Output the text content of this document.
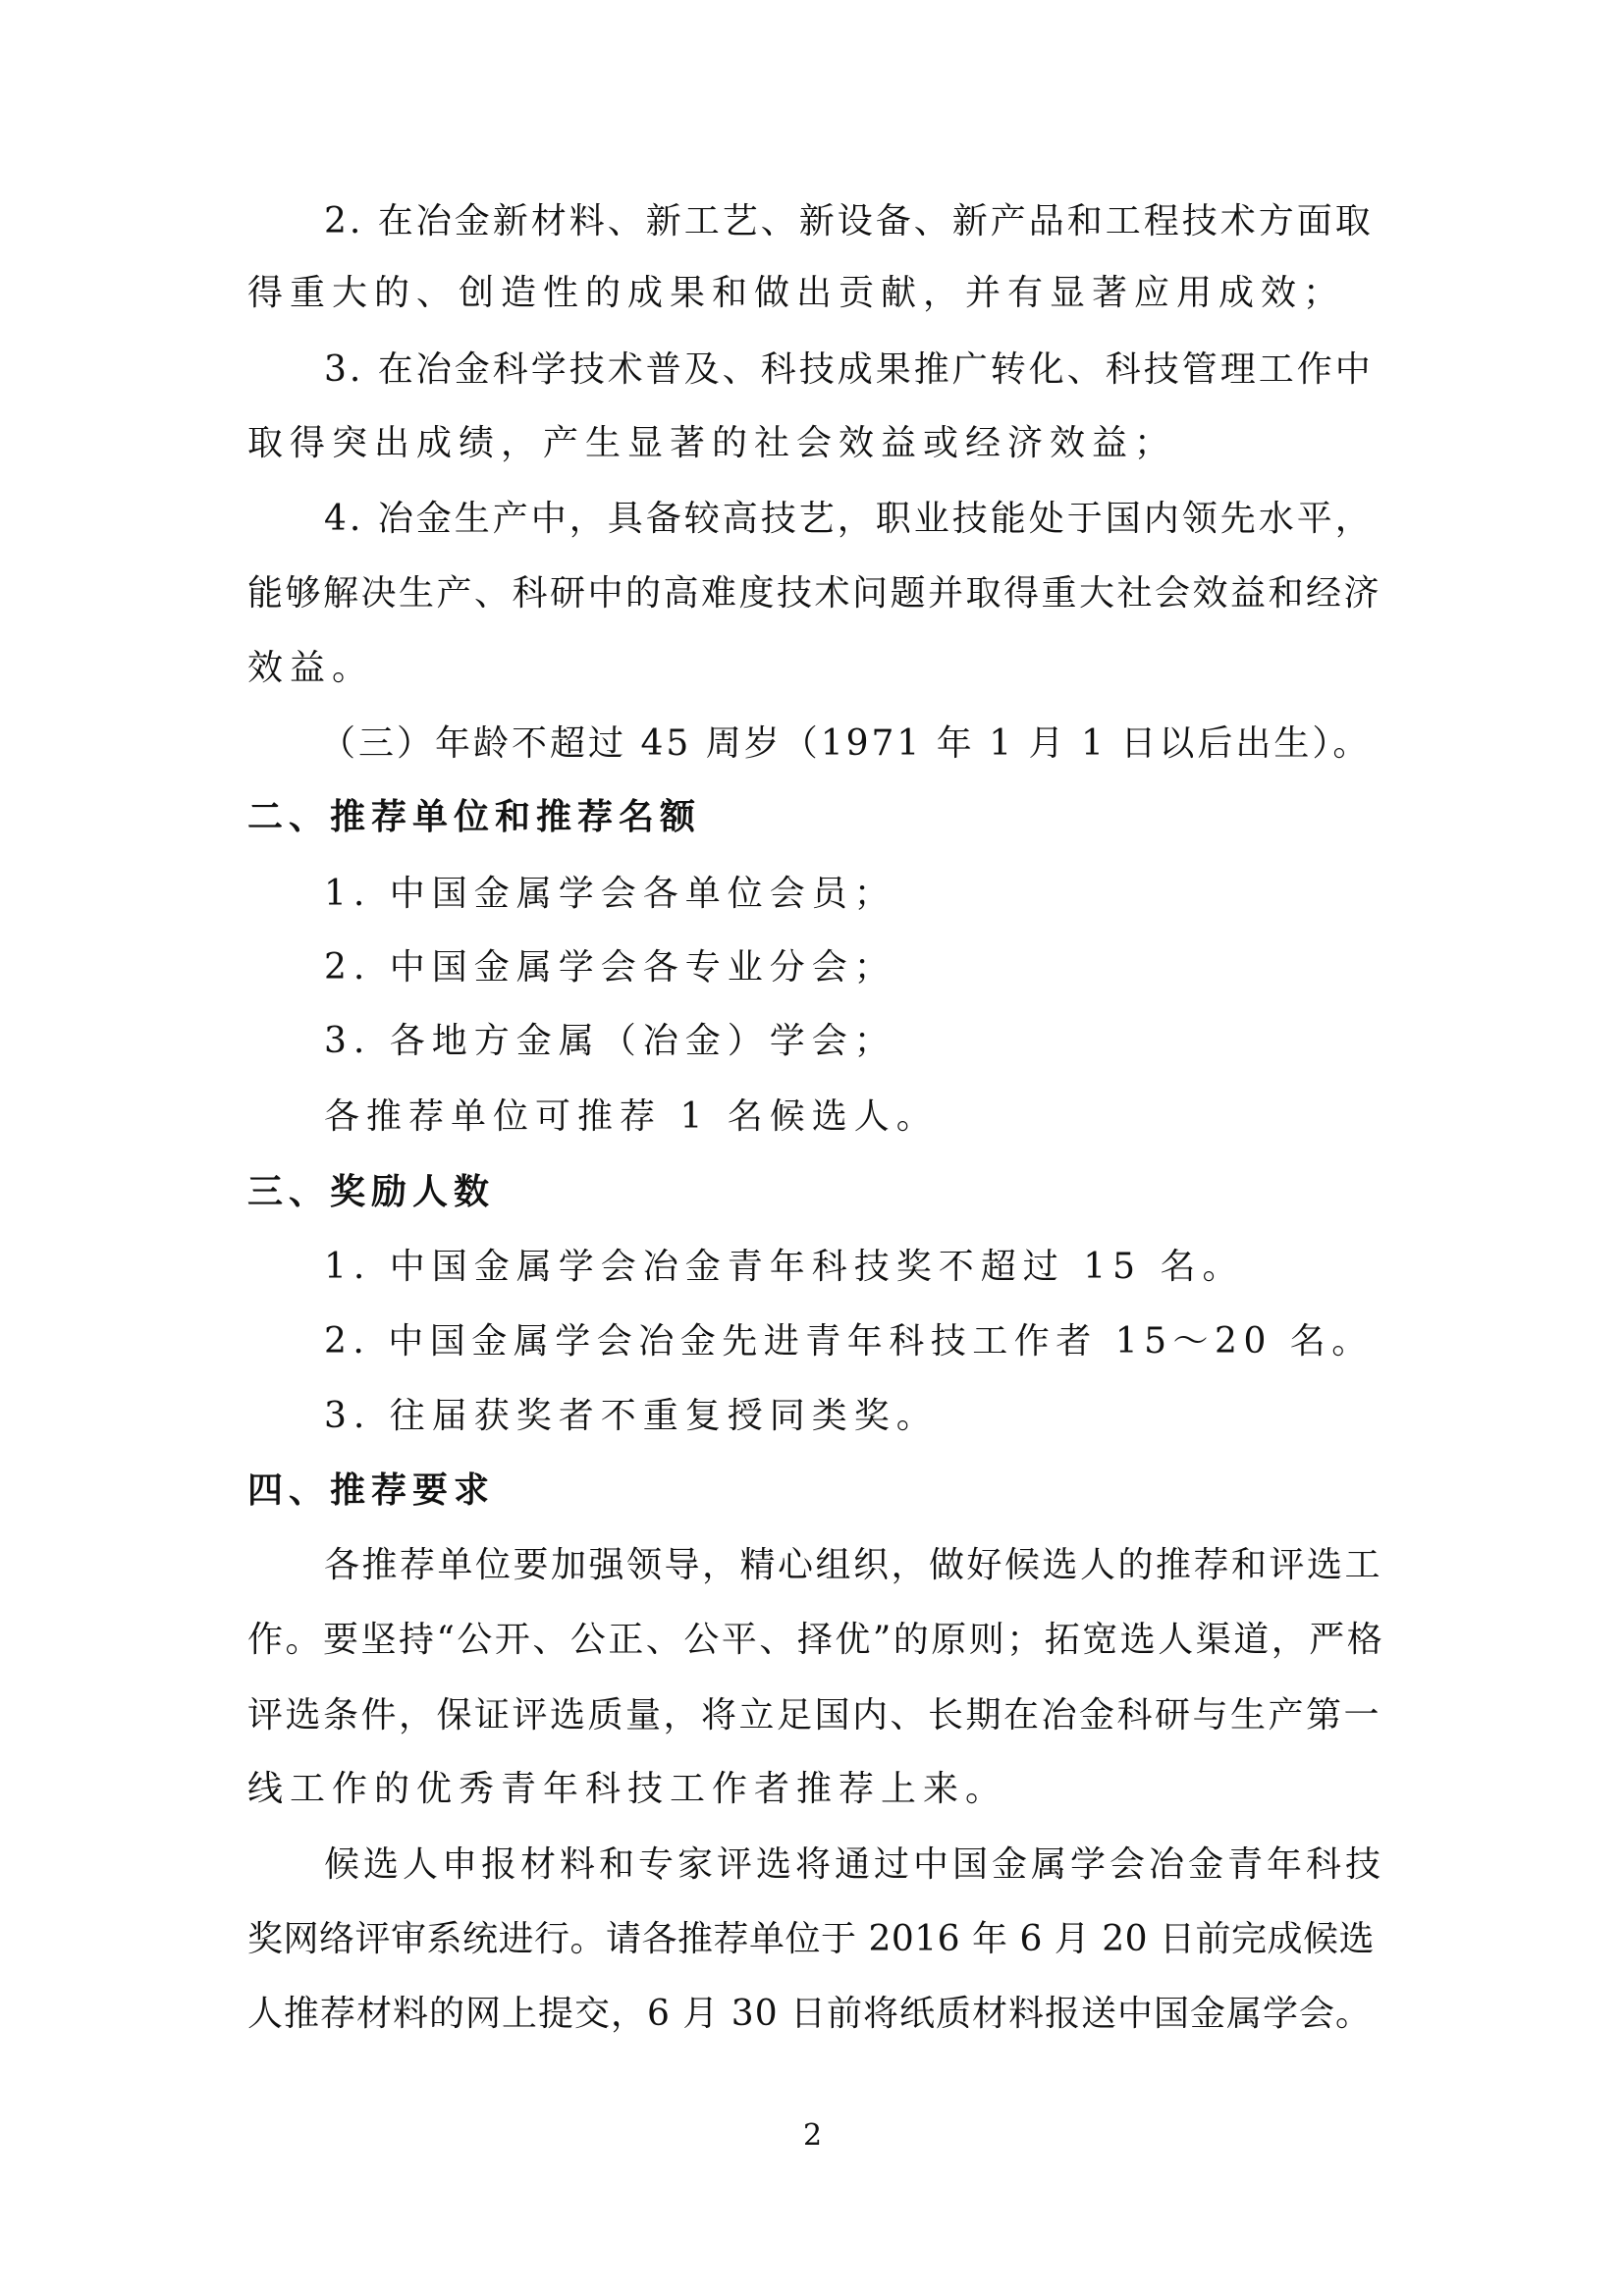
2. 在冶金新材料、新工艺、新设备、新产品和工程技术方面取
得重大的、创造性的成果和做出贡献，并有显著应用成效；
3. 在冶金科学技术普及、科技成果推广转化、科技管理工作中
取得突出成绩，产生显著的社会效益或经济效益；
4. 冶金生产中，具备较高技艺，职业技能处于国内领先水平，
能够解决生产、科研中的高难度技术问题并取得重大社会效益和经济
效益。
（三）年龄不超过 45 周岁（1971 年 1 月 1 日以后出生）。
二、推荐单位和推荐名额
1. 中国金属学会各单位会员；
2. 中国金属学会各专业分会；
3. 各地方金属（冶金）学会；
各推荐单位可推荐 1 名候选人。
三、奖励人数
1. 中国金属学会冶金青年科技奖不超过 15 名。
2. 中国金属学会冶金先进青年科技工作者 15～20 名。
3. 往届获奖者不重复授同类奖。
四、推荐要求
各推荐单位要加强领导，精心组织，做好候选人的推荐和评选工
作。要坚持“公开、公正、公平、择优”的原则；拓宽选人渠道，严格
评选条件，保证评选质量，将立足国内、长期在冶金科研与生产第一
线工作的优秀青年科技工作者推荐上来。
候选人申报材料和专家评选将通过中国金属学会冶金青年科技
奖网络评审系统进行。请各推荐单位于 2016 年 6 月 20 日前完成候选
人推荐材料的网上提交，6 月 30 日前将纸质材料报送中国金属学会。
2
